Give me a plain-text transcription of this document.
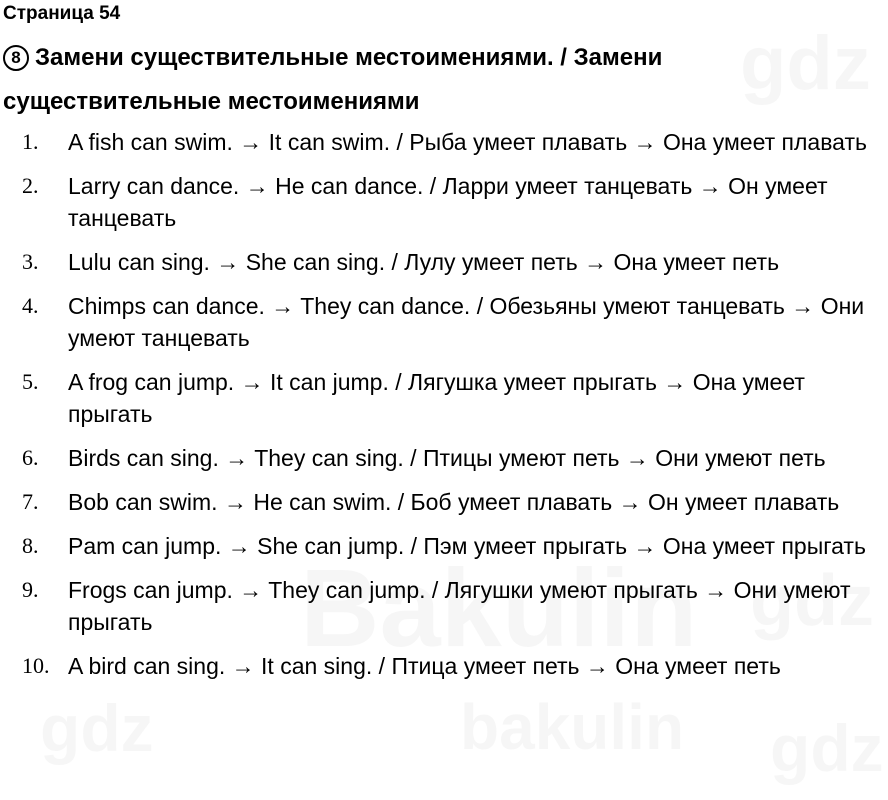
Страница 54
8 Замени существительные местоимениями. / Замени существительные местоимениями
1.	A fish can swim. → It can swim. / Рыба умеет плавать → Она умеет плавать
2.	Larry can dance. → He can dance. / Ларри умеет танцевать → Он умеет танцевать
3.	Lulu can sing. → She can sing. / Лулу умеет петь → Она умеет петь
4.	Chimps can dance. → They can dance. / Обезьяны умеют танцевать → Они умеют танцевать
5.	A frog can jump. → It can jump. / Лягушка умеет прыгать → Она умеет прыгать
6.	Birds can sing. → They can sing. / Птицы умеют петь → Они умеют петь
7.	Bob can swim. → He can swim. / Боб умеет плавать → Он умеет плавать
8.	Pam can jump. → She can jump. / Пэм умеет прыгать → Она умеет прыгать
9.	Frogs can jump. → They can jump. / Лягушки умеют прыгать → Они умеют прыгать
10. A bird can sing. → It can sing. / Птица умеет петь → Она умеет петь
